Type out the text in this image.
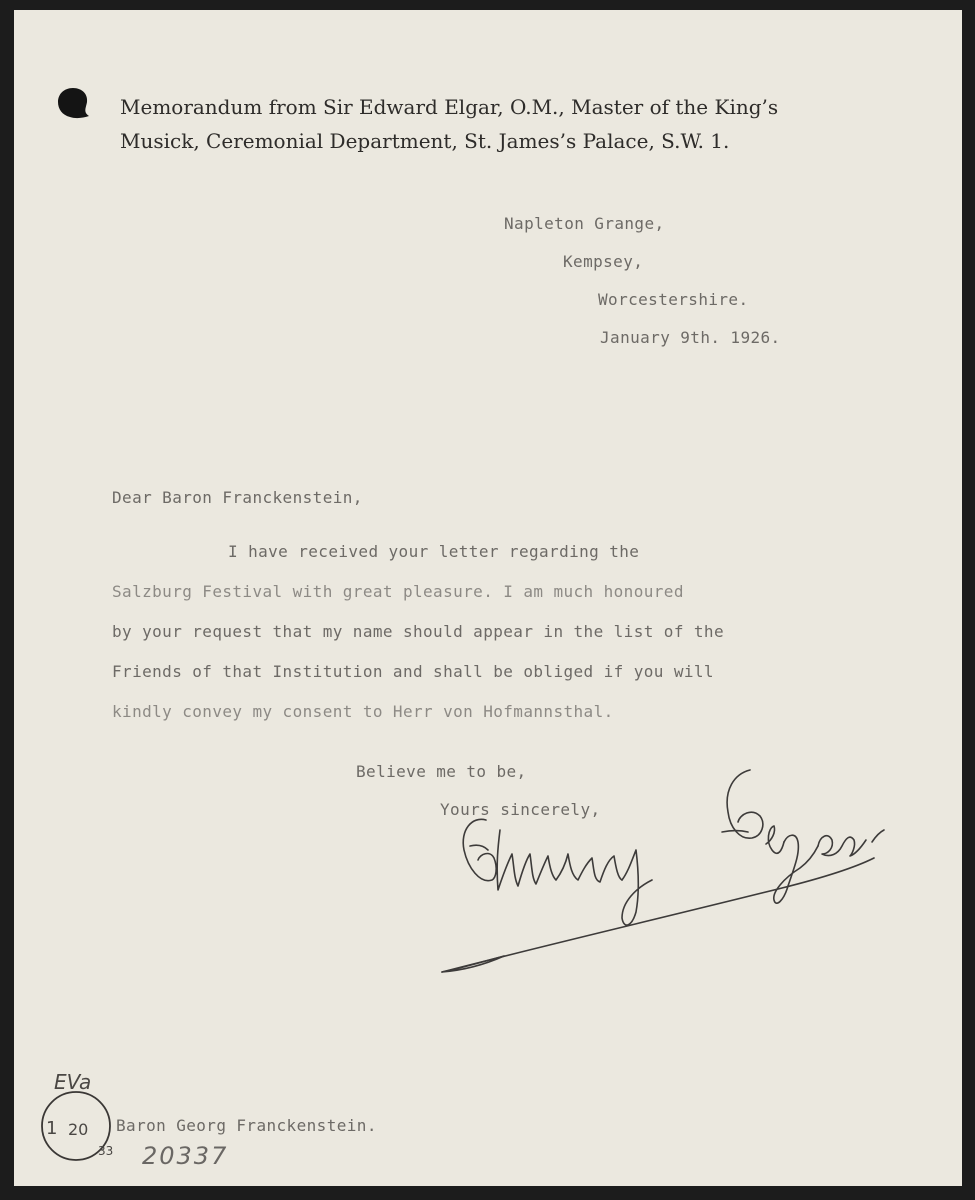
Memorandum from Sir Edward Elgar, O.M., Master of the King’s
Musick, Ceremonial Department, St. James’s Palace, S.W. 1.
Napleton Grange,
Kempsey,
Worcestershire.
January 9th. 1926.
Dear Baron Franckenstein,
I have received your letter regarding the
Salzburg Festival with great pleasure. I am much honoured
by your request that my name should appear in the list of the
Friends of that Institution and shall be obliged if you will
kindly convey my consent to Herr von Hofmannsthal.
Believe me to be,
Yours sincerely,
EVa
1 20
33 20337
Baron Georg Franckenstein.
